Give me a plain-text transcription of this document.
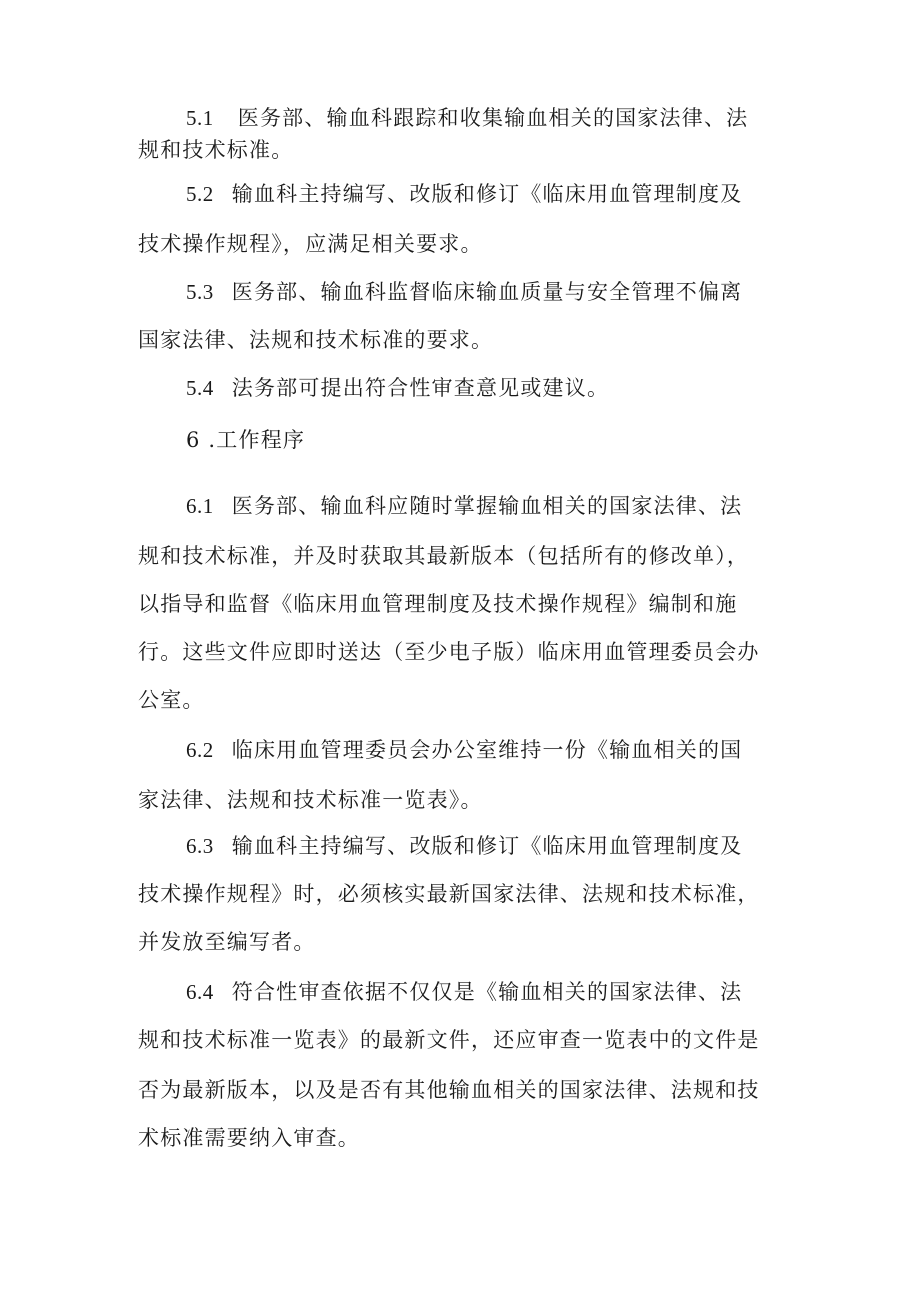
5.1 医务部、输血科跟踪和收集输血相关的国家法律、法
规和技术标准。
5.2 输血科主持编写、改版和修订《临床用血管理制度及
技术操作规程》，应满足相关要求。
5.3 医务部、输血科监督临床输血质量与安全管理不偏离
国家法律、法规和技术标准的要求。
5.4 法务部可提出符合性审查意见或建议。
6 .工作程序
6.1 医务部、输血科应随时掌握输血相关的国家法律、法
规和技术标准，并及时获取其最新版本（包括所有的修改单），
以指导和监督《临床用血管理制度及技术操作规程》编制和施
行。这些文件应即时送达（至少电子版）临床用血管理委员会办
公室。
6.2 临床用血管理委员会办公室维持一份《输血相关的国
家法律、法规和技术标准一览表》。
6.3 输血科主持编写、改版和修订《临床用血管理制度及
技术操作规程》时，必须核实最新国家法律、法规和技术标准，
并发放至编写者。
6.4 符合性审查依据不仅仅是《输血相关的国家法律、法
规和技术标准一览表》的最新文件，还应审查一览表中的文件是
否为最新版本，以及是否有其他输血相关的国家法律、法规和技
术标准需要纳入审查。
